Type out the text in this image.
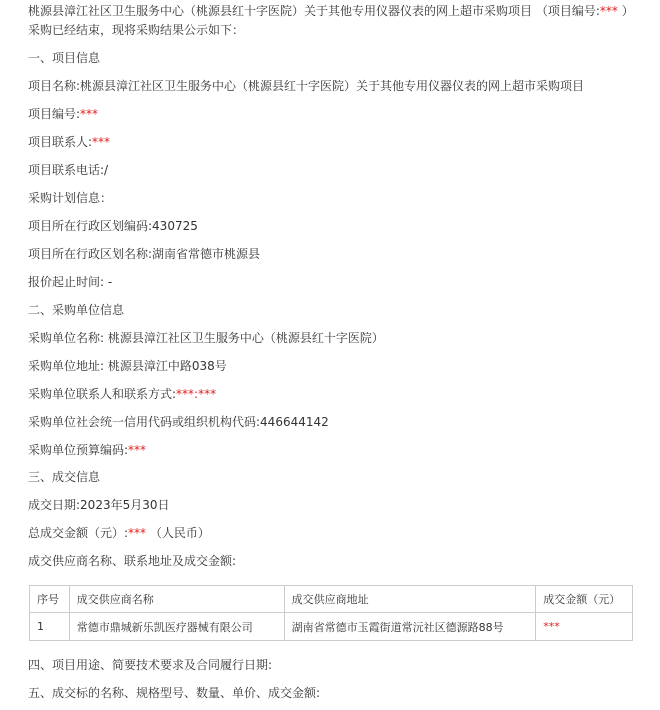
桃源县漳江社区卫生服务中心（桃源县红十字医院）关于其他专用仪器仪表的网上超市采购项目 （项目编号:*** ）
采购已经结束，现将采购结果公示如下：
一、项目信息
项目名称:桃源县漳江社区卫生服务中心（桃源县红十字医院）关于其他专用仪器仪表的网上超市采购项目
项目编号:***
项目联系人:***
项目联系电话:/
采购计划信息：
项目所在行政区划编码:430725
项目所在行政区划名称:湖南省常德市桃源县
报价起止时间: -
二、采购单位信息
采购单位名称: 桃源县漳江社区卫生服务中心（桃源县红十字医院）
采购单位地址: 桃源县漳江中路038号
采购单位联系人和联系方式:***:***
采购单位社会统一信用代码或组织机构代码:446644142
采购单位预算编码:***
三、成交信息
成交日期:2023年5月30日
总成交金额（元）:*** （人民币）
成交供应商名称、联系地址及成交金额:
序号	成交供应商名称	成交供应商地址	成交金额（元）
1	常德市鼎城新乐凯医疗器械有限公司	湖南省常德市玉霞街道常沅社区德源路88号	***
四、项目用途、简要技术要求及合同履行日期:
五、成交标的名称、规格型号、数量、单价、成交金额:
